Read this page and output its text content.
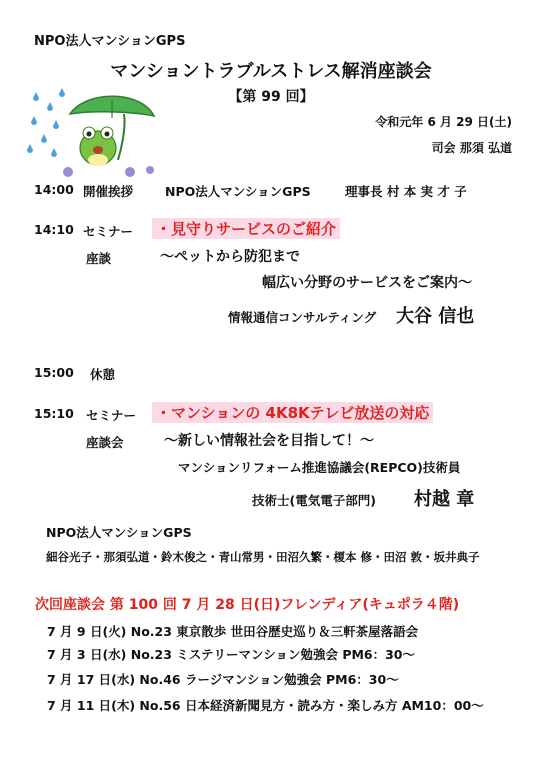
NPO法人マンションGPS
マンショントラブルストレス解消座談会
【第 99 回】
令和元年 6 月 29 日(土)
司会 那須 弘道
14:00 開催挨拶	NPO法人マンションGPS	理事長 村 本 実 才 子
14:10 セミナー
座談
・見守りサービスのご紹介
～ペットから防犯まで
幅広い分野のサービスをご案内～
情報通信コンサルティング 大谷 信也
15:00 休憩
15:10 セミナー
座談会
・マンションの 4K8Kテレビ放送の対応
～新しい情報社会を目指して！～
マンションリフォーム推進協議会(REPCO)技術員
技術士(電気電子部門) 村越 章
NPO法人マンションGPS
細谷光子・那須弘道・鈴木俊之・青山常男・田沼久繁・榎本 修・田沼 敦・坂井典子
次回座談会 第 100 回 7 月 28 日(日)フレンディア(キュポラ４階)
7 月 9 日(火) No.23 東京散歩 世田谷歴史巡り＆三軒茶屋落語会
7 月 3 日(水) No.23 ミステリーマンション勉強会 PM6：30～
7 月 17 日(水) No.46 ラージマンション勉強会 PM6：30～
7 月 11 日(木) No.56 日本経済新聞見方・読み方・楽しみ方 AM10：00～
